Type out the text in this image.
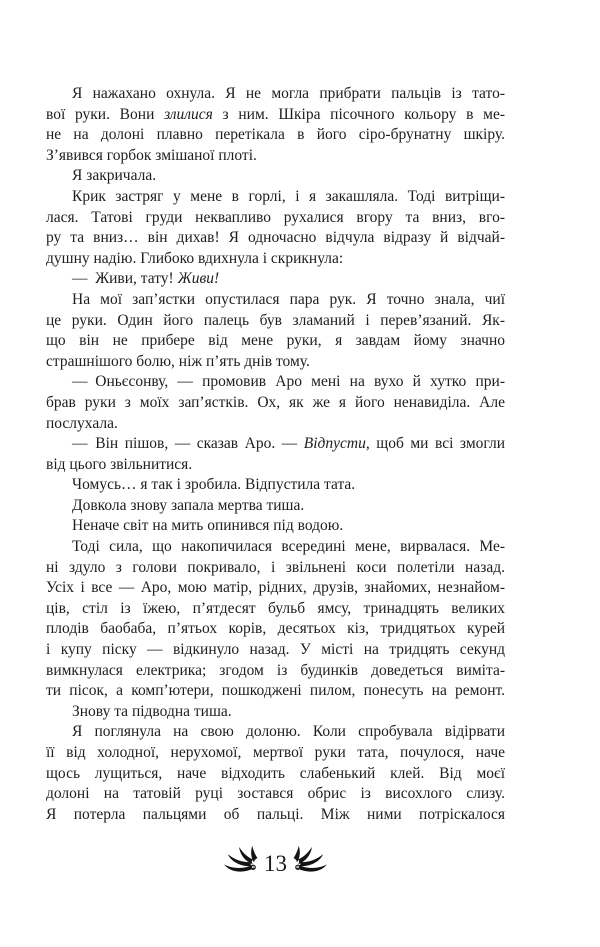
Я нажахано охнула. Я не могла прибрати пальців із тато-
вої руки. Вони злилися з ним. Шкіра пісочного кольору в ме-
не на долоні плавно перетікала в його сіро-брунатну шкіру.
З’явився горбок змішаної плоті.
Я закричала.
Крик застряг у мене в горлі, і я закашляла. Тоді витріщи-
лася. Татові груди неквапливо рухалися вгору та вниз, вго-
ру та вниз… він дихав! Я одночасно відчула відразу й відчай-
душну надію. Глибоко вдихнула і скрикнула:
— Живи, тату! Живи!
На мої зап’ястки опустилася пара рук. Я точно знала, чиї
це руки. Один його палець був зламаний і перев’язаний. Як-
що він не прибере від мене руки, я завдам йому значно
страшнішого болю, ніж п’ять днів тому.
— Оньєсонву, — промовив Аро мені на вухо й хутко при-
брав руки з моїх зап’ястків. Ох, як же я його ненавиділа. Але
послухала.
— Він пішов, — сказав Аро. — Відпусти, щоб ми всі змогли
від цього звільнитися.
Чомусь… я так і зробила. Відпустила тата.
Довкола знову запала мертва тиша.
Неначе світ на мить опинився під водою.
Тоді сила, що накопичилася всередині мене, вирвалася. Ме-
ні здуло з голови покривало, і звільнені коси полетіли назад.
Усіх і все — Аро, мою матір, рідних, друзів, знайомих, незнайом-
ців, стіл із їжею, п’ятдесят бульб ямсу, тринадцять великих
плодів баобаба, п’ятьох корів, десятьох кіз, тридцятьох курей
і купу піску — відкинуло назад. У місті на тридцять секунд
вимкнулася електрика; згодом із будинків доведеться виміта-
ти пісок, а комп’ютери, пошкоджені пилом, понесуть на ремонт.
Знову та підводна тиша.
Я поглянула на свою долоню. Коли спробувала відірвати
її від холодної, нерухомої, мертвої руки тата, почулося, наче
щось лущиться, наче відходить слабенький клей. Від моєї
долоні на татовій руці зостався обрис із висохлого слизу.
Я потерла пальцями об пальці. Між ними потріскалося
13
